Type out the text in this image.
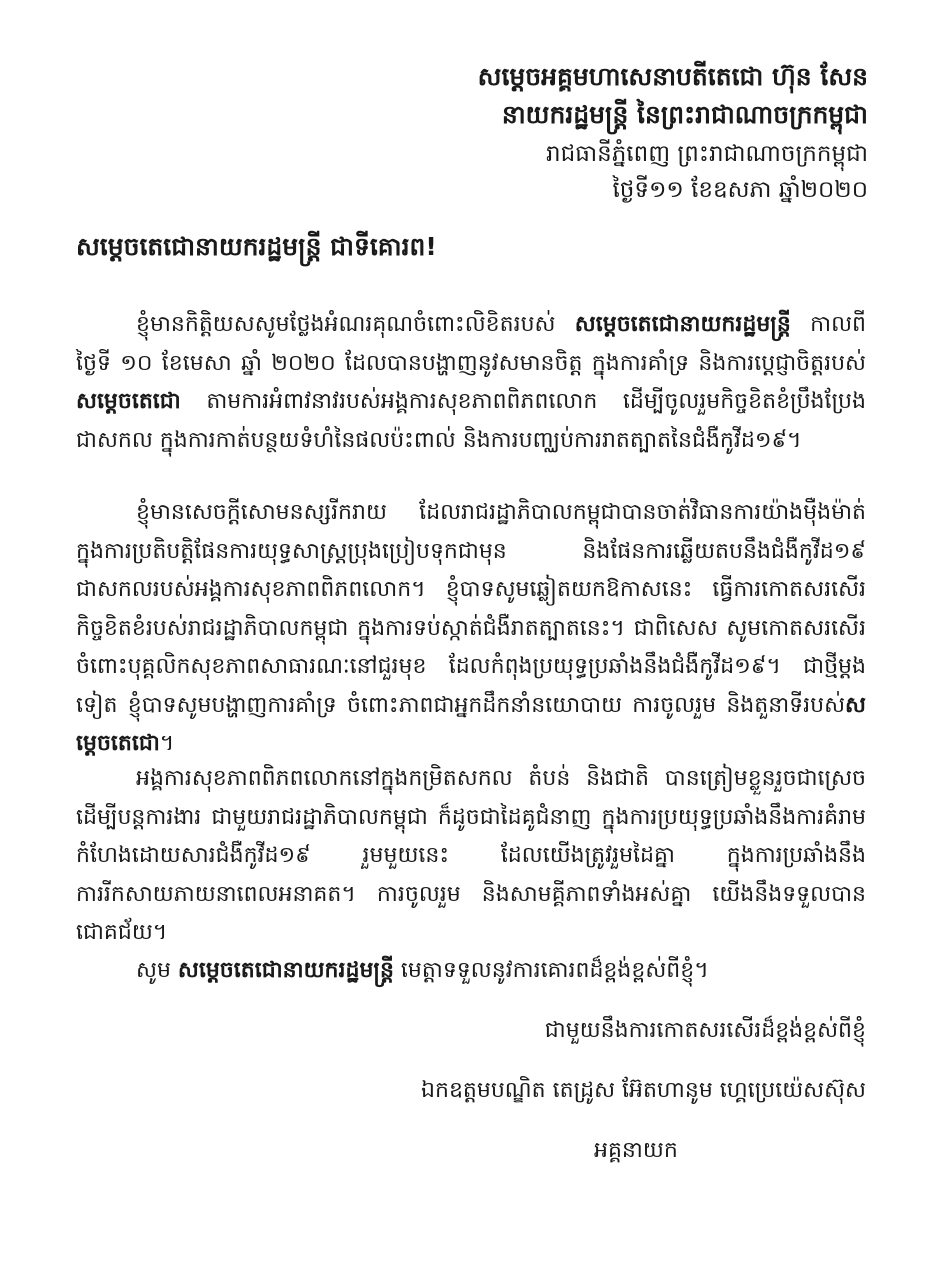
សម្តេចអគ្គមហាសេនាបតីតេជោ ហ៊ុន សែន
នាយករដ្ឋមន្ត្រី នៃព្រះរាជាណាចក្រកម្ពុជា
រាជធានីភ្នំពេញ ព្រះរាជាណាចក្រកម្ពុជា
ថ្ងៃទី១១ ខែឧសភា ឆ្នាំ២០២០
សម្តេចតេជោនាយករដ្ឋមន្ត្រី ជាទីគោរព!
ខ្ញុំមានកិត្តិយសសូមថ្លែងអំណរគុណចំពោះលិខិតរបស់ សម្តេចតេជោនាយករដ្ឋមន្ត្រី កាលពីថ្ងៃទី ១០ ខែមេសា ឆ្នាំ ២០២០ ដែលបានបង្ហាញនូវសមានចិត្ត ក្នុងការគាំទ្រ និងការប្តេជ្ញាចិត្តរបស់ សម្តេចតេជោ តាមការអំពាវនាវរបស់អង្គការសុខភាពពិភពលោក ដើម្បីចូលរួមកិច្ចខិតខំប្រឹងប្រែងជាសកល ក្នុងការកាត់បន្ថយទំហំនៃផលប៉ះពាល់ និងការបញ្ឈប់ការរាតត្បាតនៃជំងឺកូវីដ១៩។
ខ្ញុំមានសេចក្តីសោមនស្សរីករាយ ដែលរាជរដ្ឋាភិបាលកម្ពុជាបានចាត់វិធានការយ៉ាងម៉ឺងម៉ាត់ ក្នុងការប្រតិបត្តិផែនការយុទ្ធសាស្ត្រប្រុងប្រៀបទុកជាមុន និងផែនការឆ្លើយតបនឹងជំងឺកូវីដ១៩ ជាសកលរបស់អង្គការសុខភាពពិភពលោក។ ខ្ញុំបាទសូមឆ្លៀតយកឱកាសនេះ ធ្វើការកោតសរសើរកិច្ចខិតខំរបស់រាជរដ្ឋាភិបាលកម្ពុជា ក្នុងការទប់ស្កាត់ជំងឺរាតត្បាតនេះ។ ជាពិសេស សូមកោតសរសើរ ចំពោះបុគ្គលិកសុខភាពសាធារណៈនៅជួរមុខ ដែលកំពុងប្រយុទ្ធប្រឆាំងនឹងជំងឺកូវីដ១៩។ ជាថ្មីម្តងទៀត ខ្ញុំបាទសូមបង្ហាញការគាំទ្រ ចំពោះភាពជាអ្នកដឹកនាំនយោបាយ ការចូលរួម និងតួនាទីរបស់សម្តេចតេជោ។
អង្គការសុខភាពពិភពលោកនៅក្នុងកម្រិតសកល តំបន់ និងជាតិ បានត្រៀមខ្លួនរួចជាស្រេច ដើម្បីបន្តការងារ ជាមួយរាជរដ្ឋាភិបាលកម្ពុជា ក៏ដូចជាដៃគូជំនាញ ក្នុងការប្រយុទ្ធប្រឆាំងនឹងការគំរាមកំហែងដោយសារជំងឺកូវីដ១៩ រួមមួយនេះ ដែលយើងត្រូវរួមដៃគ្នា ក្នុងការប្រឆាំងនឹងការរីកសាយភាយនាពេលអនាគត។ ការចូលរួម និងសាមគ្គីភាពទាំងអស់គ្នា យើងនឹងទទួលបានជោគជ័យ។
សូម សម្តេចតេជោនាយករដ្ឋមន្ត្រី មេត្តាទទួលនូវការគោរពដ៏ខ្ពង់ខ្ពស់ពីខ្ញុំ។
ជាមួយនឹងការកោតសរសើរដ៏ខ្ពង់ខ្ពស់ពីខ្ញុំ
ឯកឧត្តមបណ្ឌិត តេដ្រូស អ៊ែតហានូម ហ្គេប្រេយ៉េសស៊ុស
អគ្គនាយក
